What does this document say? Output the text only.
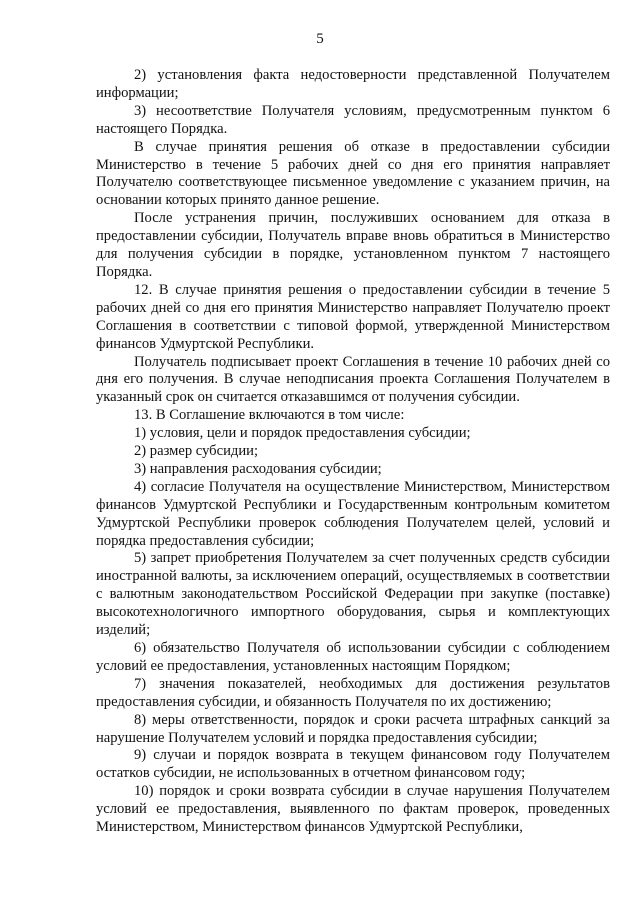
5

2) установления факта недостоверности представленной Получателем информации;

3) несоответствие Получателя условиям, предусмотренным пунктом 6 настоящего Порядка.

В случае принятия решения об отказе в предоставлении субсидии Министерство в течение 5 рабочих дней со дня его принятия направляет Получателю соответствующее письменное уведомление с указанием причин, на основании которых принято данное решение.

После устранения причин, послуживших основанием для отказа в предоставлении субсидии, Получатель вправе вновь обратиться в Министерство для получения субсидии в порядке, установленном пунктом 7 настоящего Порядка.

12. В случае принятия решения о предоставлении субсидии в течение 5 рабочих дней со дня его принятия Министерство направляет Получателю проект Соглашения в соответствии с типовой формой, утвержденной Министерством финансов Удмуртской Республики.

Получатель подписывает проект Соглашения в течение 10 рабочих дней со дня его получения. В случае неподписания проекта Соглашения Получателем в указанный срок он считается отказавшимся от получения субсидии.

13. В Соглашение включаются в том числе:

1) условия, цели и порядок предоставления субсидии;

2) размер субсидии;

3) направления расходования субсидии;

4) согласие Получателя на осуществление Министерством, Министерством финансов Удмуртской Республики и Государственным контрольным комитетом Удмуртской Республики проверок соблюдения Получателем целей, условий и порядка предоставления субсидии;

5) запрет приобретения Получателем за счет полученных средств субсидии иностранной валюты, за исключением операций, осуществляемых в соответствии с валютным законодательством Российской Федерации при закупке (поставке) высокотехнологичного импортного оборудования, сырья и комплектующих изделий;

6) обязательство Получателя об использовании субсидии с соблюдением условий ее предоставления, установленных настоящим Порядком;

7) значения показателей, необходимых для достижения результатов предоставления субсидии, и обязанность Получателя по их достижению;

8) меры ответственности, порядок и сроки расчета штрафных санкций за нарушение Получателем условий и порядка предоставления субсидии;

9) случаи и порядок возврата в текущем финансовом году Получателем остатков субсидии, не использованных в отчетном финансовом году;

10) порядок и сроки возврата субсидии в случае нарушения Получателем условий ее предоставления, выявленного по фактам проверок, проведенных Министерством, Министерством финансов Удмуртской Республики,
